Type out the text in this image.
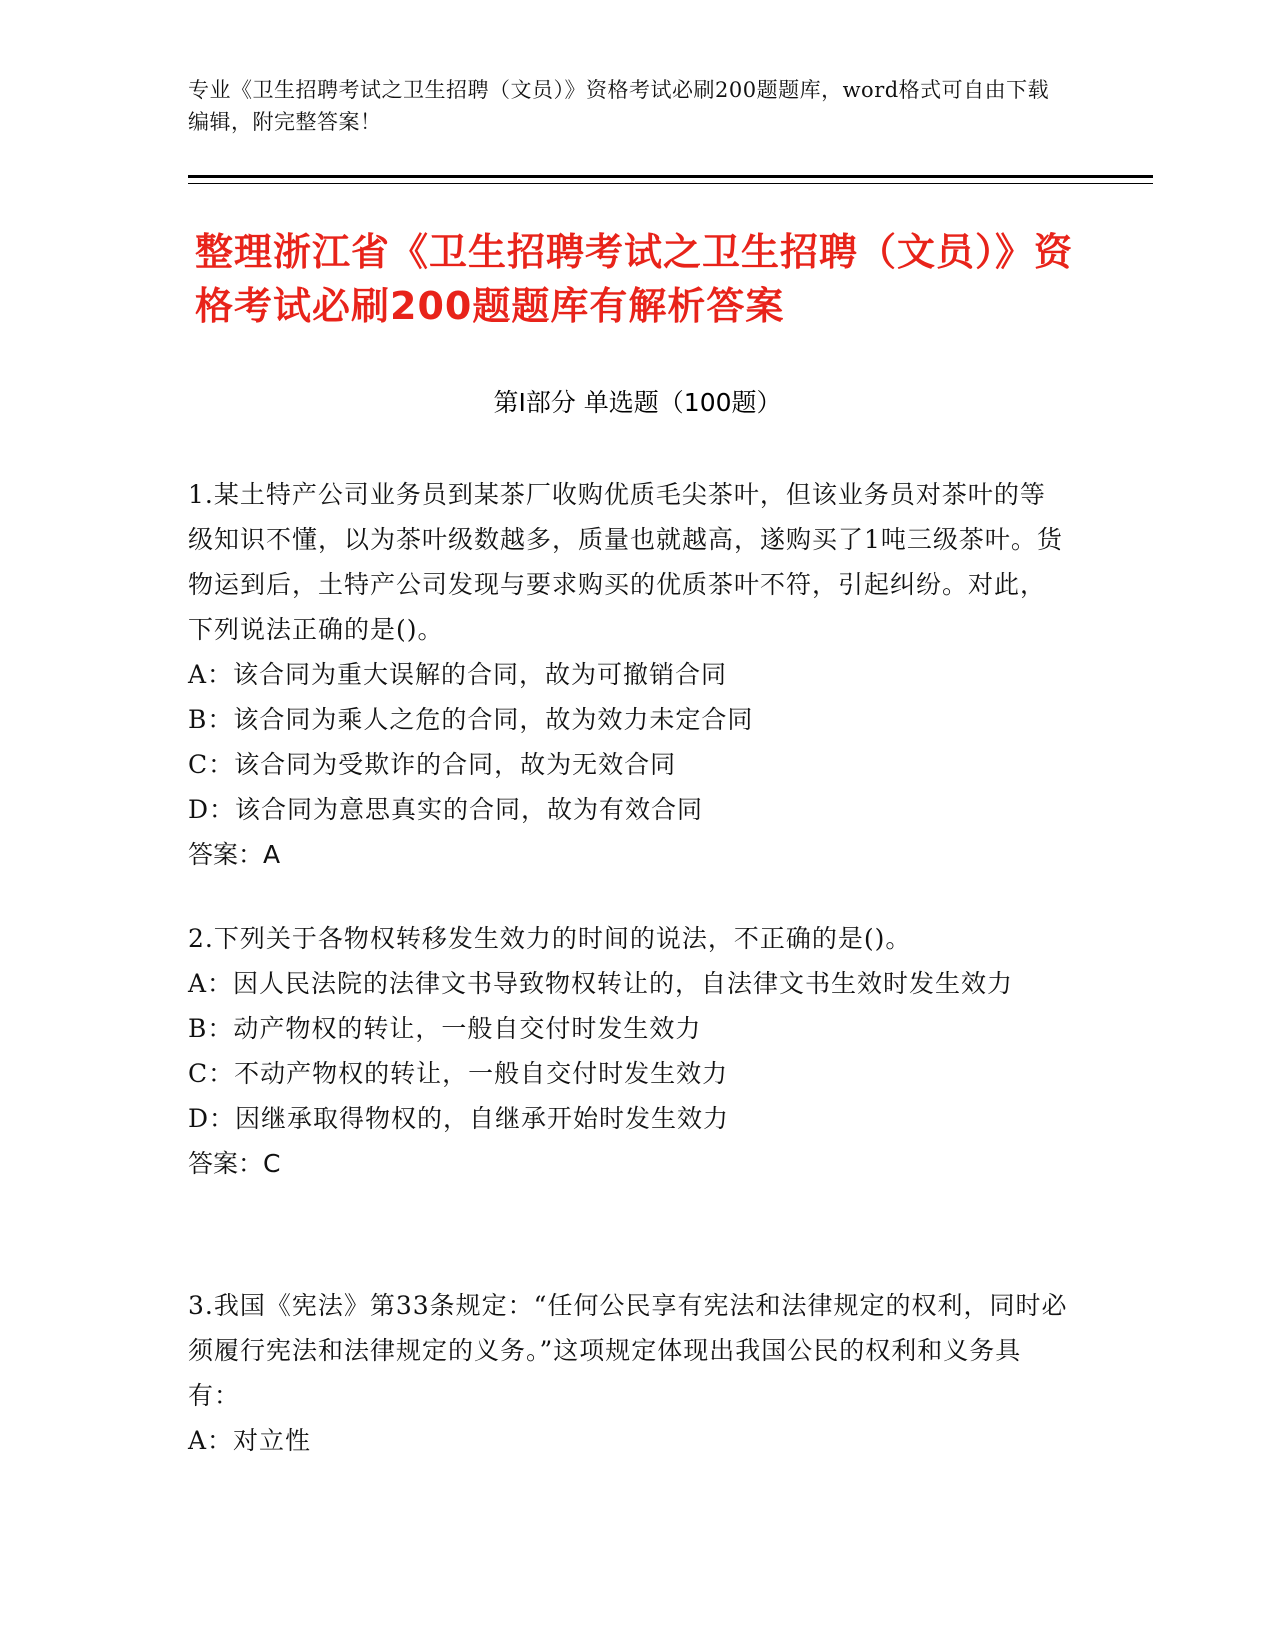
专业《卫生招聘考试之卫生招聘（文员）》资格考试必刷200题题库，word格式可自由下载编辑，附完整答案！
整理浙江省《卫生招聘考试之卫生招聘（文员）》资格考试必刷200题题库有解析答案
第Ⅰ部分 单选题（100题）

1.某土特产公司业务员到某茶厂收购优质毛尖茶叶，但该业务员对茶叶的等级知识不懂，以为茶叶级数越多，质量也就越高，遂购买了1吨三级茶叶。货物运到后，土特产公司发现与要求购买的优质茶叶不符，引起纠纷。对此，下列说法正确的是()。

A：该合同为重大误解的合同，故为可撤销合同

B：该合同为乘人之危的合同，故为效力未定合同

C：该合同为受欺诈的合同，故为无效合同

D：该合同为意思真实的合同，故为有效合同

答案：A

2.下列关于各物权转移发生效力的时间的说法，不正确的是()。

A：因人民法院的法律文书导致物权转让的，自法律文书生效时发生效力

B：动产物权的转让，一般自交付时发生效力

C：不动产物权的转让，一般自交付时发生效力

D：因继承取得物权的，自继承开始时发生效力

答案：C

3.我国《宪法》第33条规定：“任何公民享有宪法和法律规定的权利，同时必须履行宪法和法律规定的义务。”这项规定体现出我国公民的权利和义务具有：

A：对立性
